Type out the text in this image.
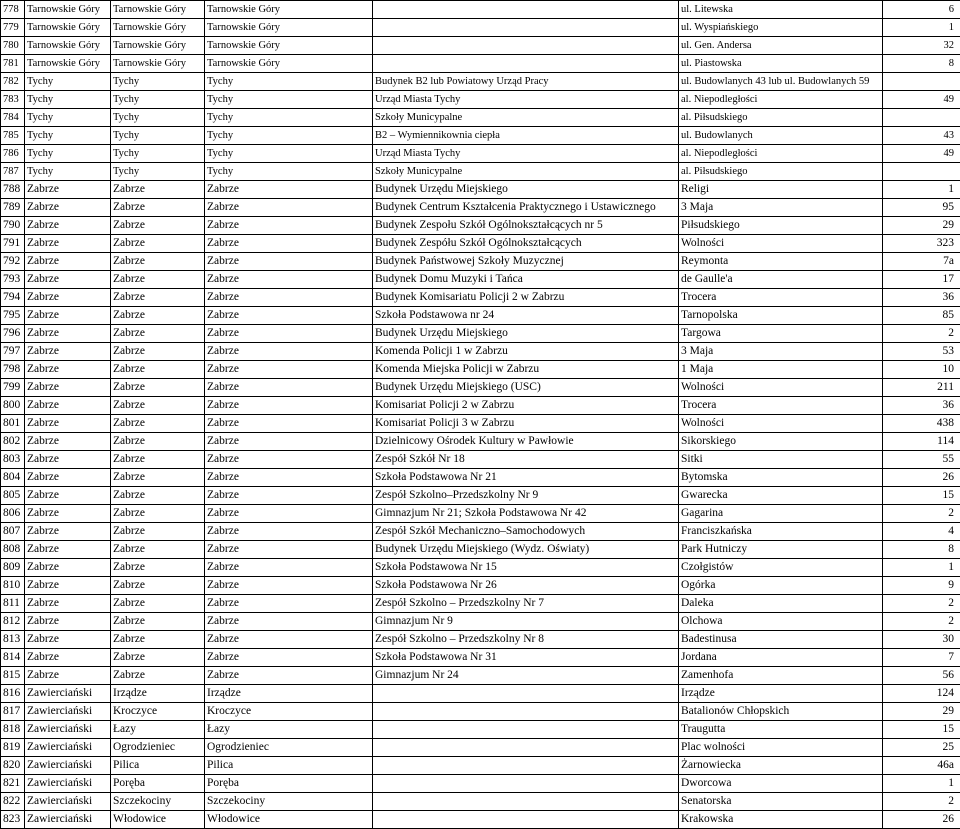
778	Tarnowskie Góry	Tarnowskie Góry	Tarnowskie Góry		ul. Litewska	6
779	Tarnowskie Góry	Tarnowskie Góry	Tarnowskie Góry		ul. Wyspiańskiego	1
780	Tarnowskie Góry	Tarnowskie Góry	Tarnowskie Góry		ul. Gen. Andersa	32
781	Tarnowskie Góry	Tarnowskie Góry	Tarnowskie Góry		ul. Piastowska	8
782	Tychy	Tychy	Tychy	Budynek B2 lub Powiatowy Urząd Pracy	ul. Budowlanych 43 lub ul. Budowlanych 59	
783	Tychy	Tychy	Tychy	Urząd Miasta Tychy	al. Niepodległości	49
784	Tychy	Tychy	Tychy	Szkoły Municypalne	al. Piłsudskiego	
785	Tychy	Tychy	Tychy	B2 – Wymiennikownia ciepła	ul. Budowlanych	43
786	Tychy	Tychy	Tychy	Urząd Miasta Tychy	al. Niepodległości	49
787	Tychy	Tychy	Tychy	Szkoły Municypalne	al. Piłsudskiego	
788	Zabrze	Zabrze	Zabrze	Budynek Urzędu Miejskiego	Religi	1
789	Zabrze	Zabrze	Zabrze	Budynek Centrum Kształcenia Praktycznego i Ustawicznego	3 Maja	95
790	Zabrze	Zabrze	Zabrze	Budynek Zespołu Szkół Ogólnokształcących nr 5	Piłsudskiego	29
791	Zabrze	Zabrze	Zabrze	Budynek Zespółu Szkół Ogólnokształcących	Wolności	323
792	Zabrze	Zabrze	Zabrze	Budynek Państwowej Szkoły Muzycznej	Reymonta	7a
793	Zabrze	Zabrze	Zabrze	Budynek Domu Muzyki i Tańca	de Gaulle'a	17
794	Zabrze	Zabrze	Zabrze	Budynek Komisariatu Policji 2 w Zabrzu	Trocera	36
795	Zabrze	Zabrze	Zabrze	Szkoła Podstawowa nr 24	Tarnopolska	85
796	Zabrze	Zabrze	Zabrze	Budynek Urzędu Miejskiego	Targowa	2
797	Zabrze	Zabrze	Zabrze	Komenda Policji 1 w Zabrzu	3 Maja	53
798	Zabrze	Zabrze	Zabrze	Komenda Miejska Policji w Zabrzu	1 Maja	10
799	Zabrze	Zabrze	Zabrze	Budynek Urzędu Miejskiego (USC)	Wolności	211
800	Zabrze	Zabrze	Zabrze	Komisariat Policji 2 w Zabrzu	Trocera	36
801	Zabrze	Zabrze	Zabrze	Komisariat Policji 3 w Zabrzu	Wolności	438
802	Zabrze	Zabrze	Zabrze	Dzielnicowy Ośrodek Kultury w Pawłowie	Sikorskiego	114
803	Zabrze	Zabrze	Zabrze	Zespół Szkół Nr 18	Sitki	55
804	Zabrze	Zabrze	Zabrze	Szkoła Podstawowa Nr 21	Bytomska	26
805	Zabrze	Zabrze	Zabrze	Zespół Szkolno–Przedszkolny Nr 9	Gwarecka	15
806	Zabrze	Zabrze	Zabrze	Gimnazjum Nr 21; Szkoła Podstawowa Nr 42	Gagarina	2
807	Zabrze	Zabrze	Zabrze	Zespół Szkół Mechaniczno–Samochodowych	Franciszkańska	4
808	Zabrze	Zabrze	Zabrze	Budynek Urzędu Miejskiego (Wydz. Oświaty)	Park Hutniczy	8
809	Zabrze	Zabrze	Zabrze	Szkoła Podstawowa Nr 15	Czołgistów	1
810	Zabrze	Zabrze	Zabrze	Szkoła Podstawowa Nr 26	Ogórka	9
811	Zabrze	Zabrze	Zabrze	Zespół Szkolno – Przedszkolny Nr 7	Daleka	2
812	Zabrze	Zabrze	Zabrze	Gimnazjum Nr 9	Olchowa	2
813	Zabrze	Zabrze	Zabrze	Zespół Szkolno – Przedszkolny Nr 8	Badestinusa	30
814	Zabrze	Zabrze	Zabrze	Szkoła Podstawowa Nr 31	Jordana	7
815	Zabrze	Zabrze	Zabrze	Gimnazjum Nr 24	Zamenhofa	56
816	Zawierciański	Irządze	Irządze		Irządze	124
817	Zawierciański	Kroczyce	Kroczyce		Batalionów Chłopskich	29
818	Zawierciański	Łazy	Łazy		Traugutta	15
819	Zawierciański	Ogrodzieniec	Ogrodzieniec		Plac wolności	25
820	Zawierciański	Pilica	Pilica		Żarnowiecka	46a
821	Zawierciański	Poręba	Poręba		Dworcowa	1
822	Zawierciański	Szczekociny	Szczekociny		Senatorska	2
823	Zawierciański	Włodowice	Włodowice		Krakowska	26
